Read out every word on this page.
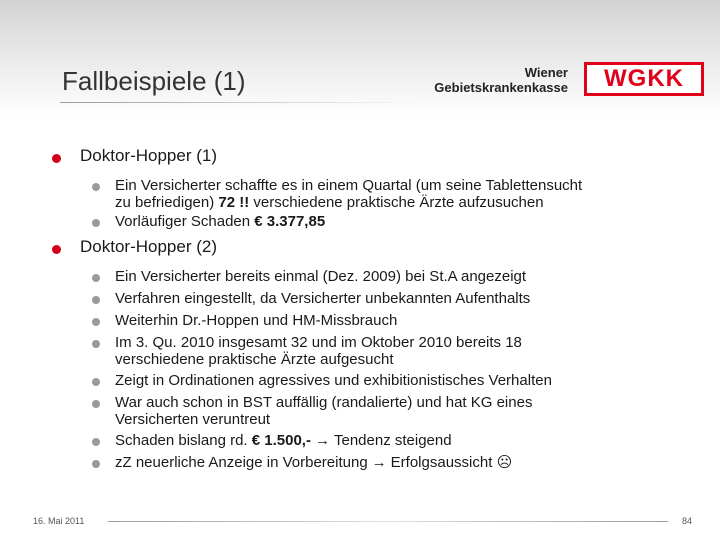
Fallbeispiele (1)	Wiener
Gebietskrankenkasse WGKK
Doktor-Hopper (1)
Ein Versicherter schaffte es in einem Quartal (um seine Tablettensucht
zu befriedigen) 72 !! verschiedene praktische Ärzte aufzusuchen
Vorläufiger Schaden € 3.377,85
Doktor-Hopper (2)
Ein Versicherter bereits einmal (Dez. 2009) bei St.A angezeigt
Verfahren eingestellt, da Versicherter unbekannten Aufenthalts
Weiterhin Dr.-Hoppen und HM-Missbrauch
Im 3. Qu. 2010 insgesamt 32 und im Oktober 2010 bereits 18
verschiedene praktische Ärzte aufgesucht
Zeigt in Ordinationen agressives und exhibitionistisches Verhalten
War auch schon in BST auffällig (randalierte) und hat KG eines
Versicherten veruntreut
Schaden bislang rd. € 1.500,- → Tendenz steigend
zZ neuerliche Anzeige in Vorbereitung → Erfolgsaussicht ☹
16. Mai 2011	84
